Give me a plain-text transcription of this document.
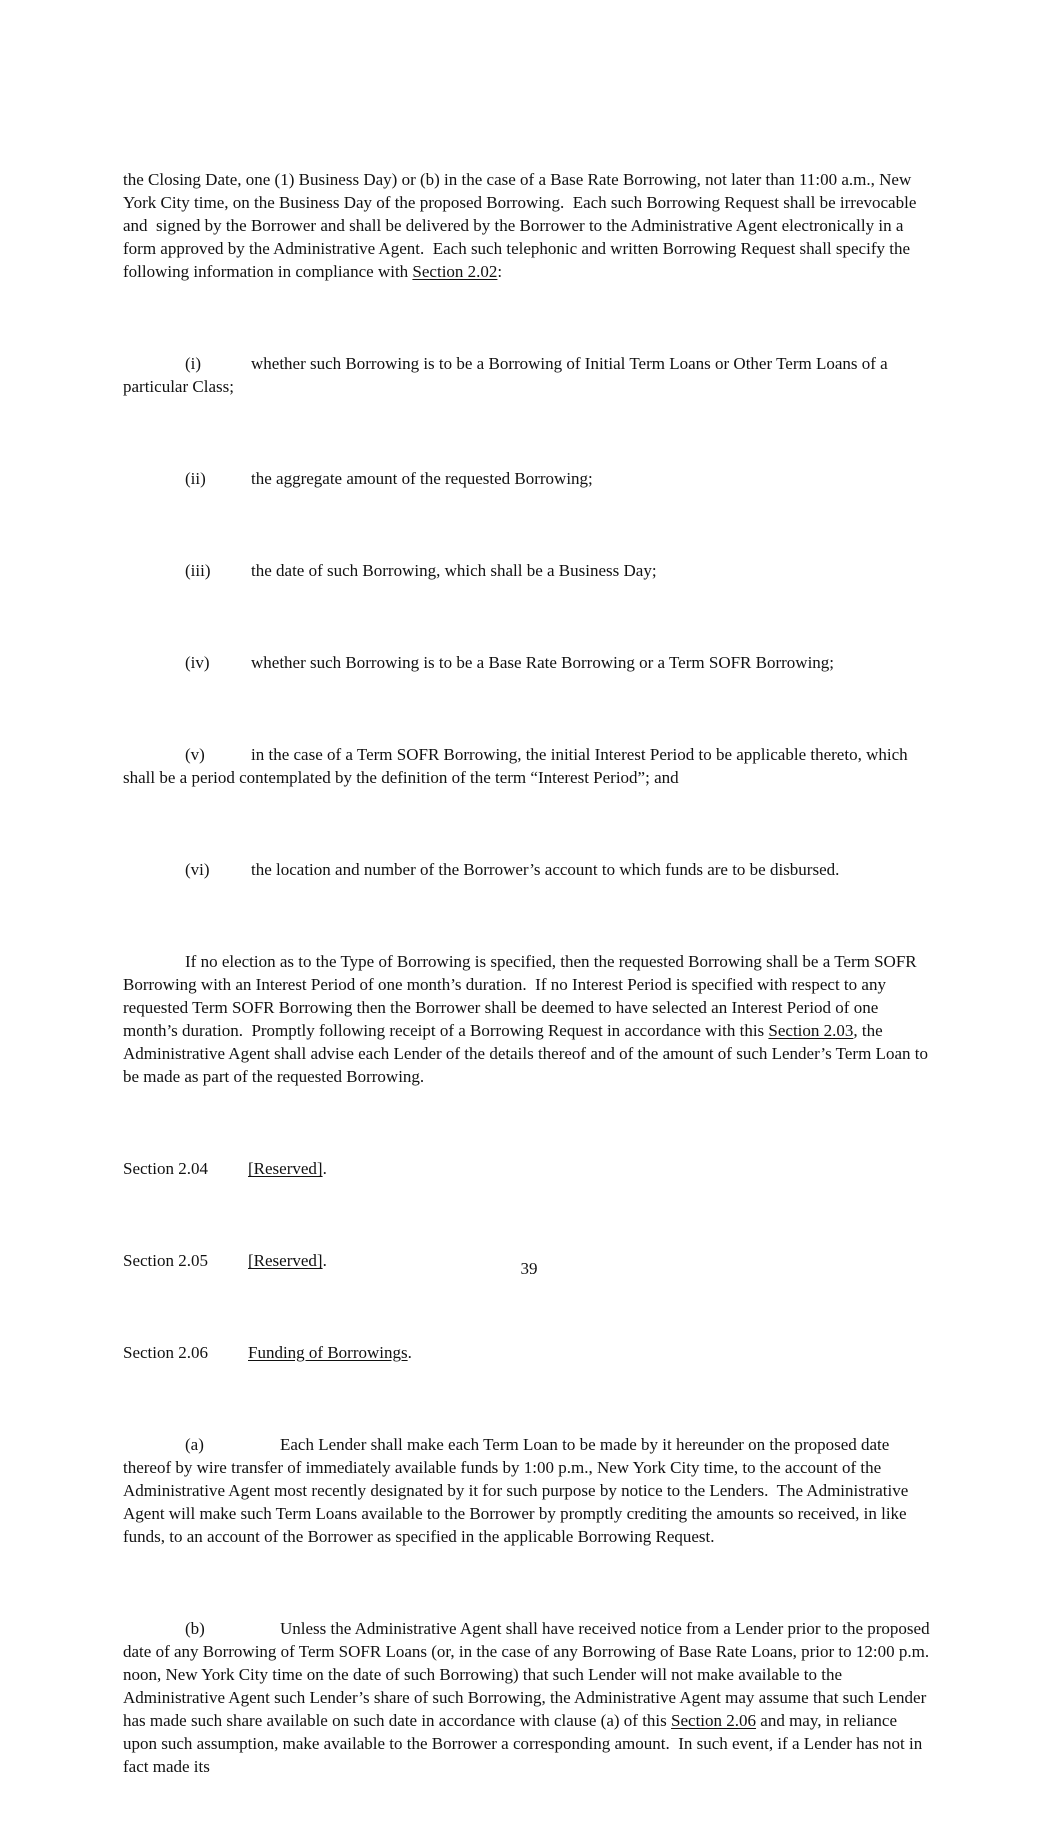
the Closing Date, one (1) Business Day) or (b) in the case of a Base Rate Borrowing, not later than 11:00 a.m., New York City time, on the Business Day of the proposed Borrowing.  Each such Borrowing Request shall be irrevocable and  signed by the Borrower and shall be delivered by the Borrower to the Administrative Agent electronically in a form approved by the Administrative Agent.  Each such telephonic and written Borrowing Request shall specify the following information in compliance with Section 2.02:

(i)	whether such Borrowing is to be a Borrowing of Initial Term Loans or Other Term Loans of a particular Class;

(ii)	the aggregate amount of the requested Borrowing;

(iii) the date of such Borrowing, which shall be a Business Day;

(iv) whether such Borrowing is to be a Base Rate Borrowing or a Term SOFR Borrowing;

(v)	in the case of a Term SOFR Borrowing, the initial Interest Period to be applicable thereto, which shall be a period contemplated by the definition of the term “Interest Period”; and

(vi) the location and number of the Borrower’s account to which funds are to be disbursed.

If no election as to the Type of Borrowing is specified, then the requested Borrowing shall be a Term SOFR Borrowing with an Interest Period of one month’s duration.  If no Interest Period is specified with respect to any requested Term SOFR Borrowing then the Borrower shall be deemed to have selected an Interest Period of one month’s duration.  Promptly following receipt of a Borrowing Request in accordance with this Section 2.03, the Administrative Agent shall advise each Lender of the details thereof and of the amount of such Lender’s Term Loan to be made as part of the requested Borrowing.

Section 2.04 [Reserved].

Section 2.05 [Reserved].

Section 2.06 Funding of Borrowings.

(a)	Each Lender shall make each Term Loan to be made by it hereunder on the proposed date thereof by wire transfer of immediately available funds by 1:00 p.m., New York City time, to the account of the Administrative Agent most recently designated by it for such purpose by notice to the Lenders.  The Administrative Agent will make such Term Loans available to the Borrower by promptly crediting the amounts so received, in like funds, to an account of the Borrower as specified in the applicable Borrowing Request.

(b)	Unless the Administrative Agent shall have received notice from a Lender prior to the proposed date of any Borrowing of Term SOFR Loans (or, in the case of any Borrowing of Base Rate Loans, prior to 12:00 p.m. noon, New York City time on the date of such Borrowing) that such Lender will not make available to the Administrative Agent such Lender’s share of such Borrowing, the Administrative Agent may assume that such Lender has made such share available on such date in accordance with clause (a) of this Section 2.06 and may, in reliance upon such assumption, make available to the Borrower a corresponding amount.  In such event, if a Lender has not in fact made its

39
